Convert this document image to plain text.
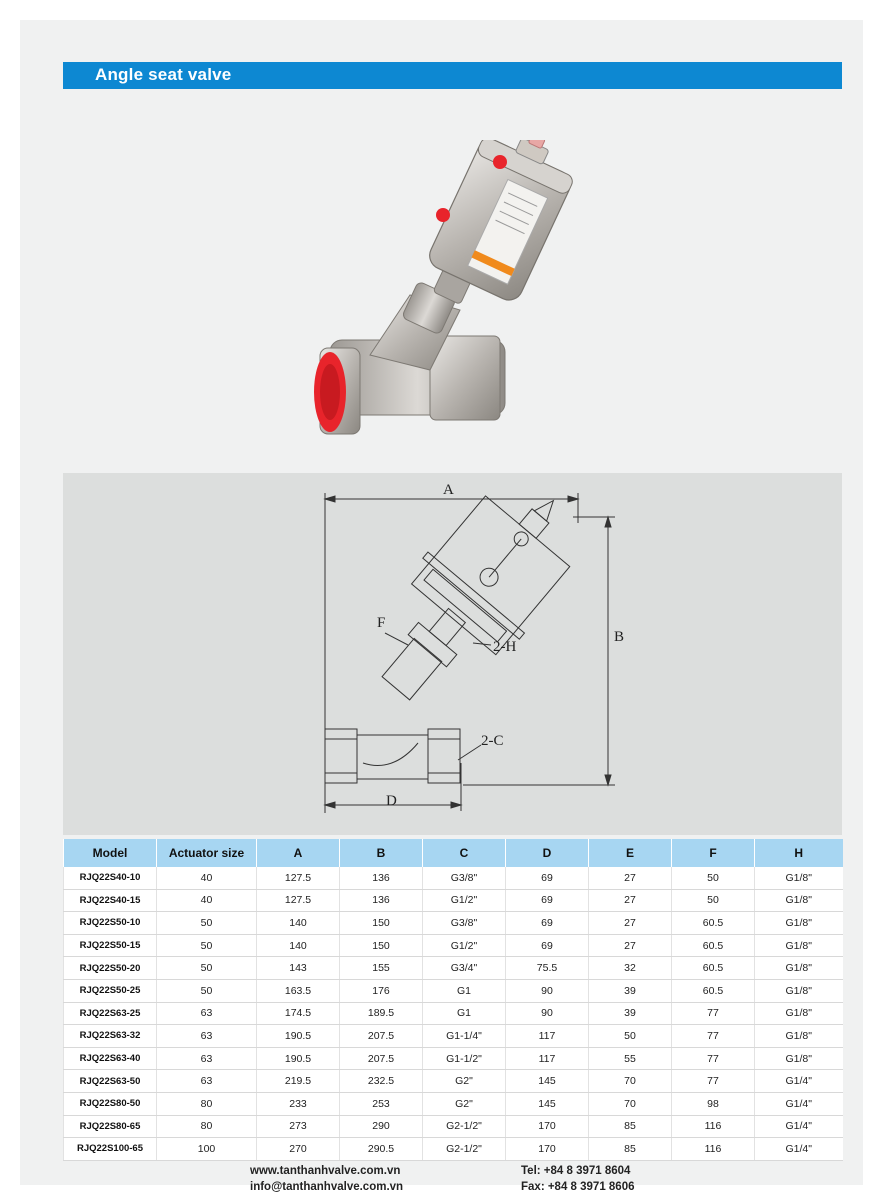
Angle seat valve
A
B
D
F
2-H
2-C
Model	Actuator size	A	B	C	D	E	F	H
RJQ22S40-10	40	127.5	136	G3/8"	69	27	50	G1/8"
RJQ22S40-15	40	127.5	136	G1/2"	69	27	50	G1/8"
RJQ22S50-10	50	140	150	G3/8"	69	27	60.5	G1/8"
RJQ22S50-15	50	140	150	G1/2"	69	27	60.5	G1/8"
RJQ22S50-20	50	143	155	G3/4"	75.5	32	60.5	G1/8"
RJQ22S50-25	50	163.5	176	G1	90	39	60.5	G1/8"
RJQ22S63-25	63	174.5	189.5	G1	90	39	77	G1/8"
RJQ22S63-32	63	190.5	207.5	G1-1/4"	117	50	77	G1/8"
RJQ22S63-40	63	190.5	207.5	G1-1/2"	117	55	77	G1/8"
RJQ22S63-50	63	219.5	232.5	G2"	145	70	77	G1/4"
RJQ22S80-50	80	233	253	G2"	145	70	98	G1/4"
RJQ22S80-65	80	273	290	G2-1/2"	170	85	116	G1/4"
RJQ22S100-65	100	270	290.5	G2-1/2"	170	85	116	G1/4"
www.tanthanhvalve.com.vn
info@tanthanhvalve.com.vn
Tel: +84 8 3971 8604
Fax: +84 8 3971 8606
